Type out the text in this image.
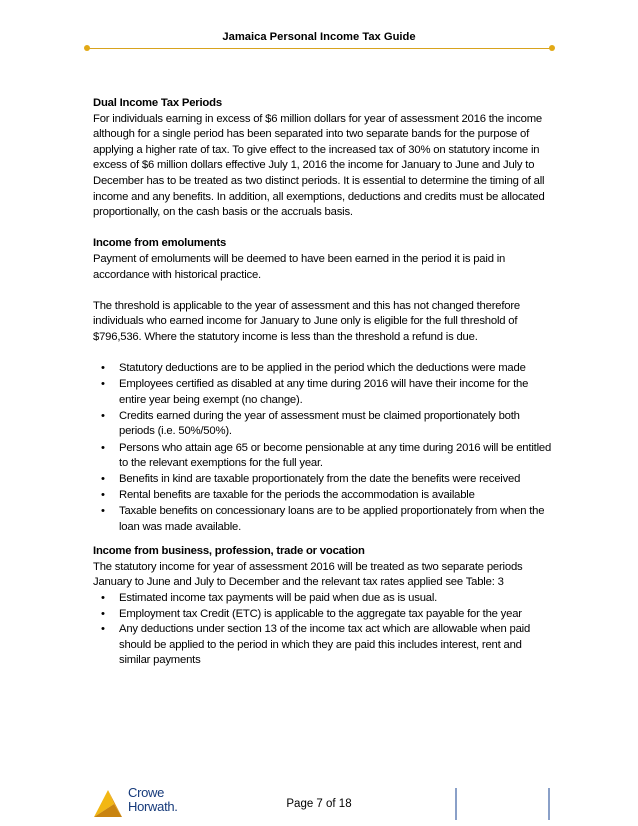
Jamaica Personal Income Tax Guide

Dual Income Tax Periods

For individuals earning in excess of $6 million dollars for year of assessment 2016 the income although for a single period has been separated into two separate bands for the purpose of applying a higher rate of tax. To give effect to the increased tax of 30% on statutory income in excess of $6 million dollars effective July 1, 2016 the income for January to June and July to December has to be treated as two distinct periods. It is essential to determine the timing of all income and any benefits. In addition, all exemptions, deductions and credits must be allocated proportionally, on the cash basis or the accruals basis.

Income from emoluments

Payment of emoluments will be deemed to have been earned in the period it is paid in accordance with historical practice.

The threshold is applicable to the year of assessment and this has not changed therefore individuals who earned income for January to June only is eligible for the full threshold of $796,536. Where the statutory income is less than the threshold a refund is due.

• Statutory deductions are to be applied in the period which the deductions were made
• Employees certified as disabled at any time during 2016 will have their income for the entire year being exempt (no change).
• Credits earned during the year of assessment must be claimed proportionately both periods (i.e. 50%/50%).
• Persons who attain age 65 or become pensionable at any time during 2016 will be entitled to the relevant exemptions for the full year.
• Benefits in kind are taxable proportionately from the date the benefits were received
• Rental benefits are taxable for the periods the accommodation is available
• Taxable benefits on concessionary loans are to be applied proportionately from when the loan was made available.

Income from business, profession, trade or vocation

The statutory income for year of assessment 2016 will be treated as two separate periods January to June and July to December and the relevant tax rates applied see Table: 3

• Estimated income tax payments will be paid when due as is usual.
• Employment tax Credit (ETC) is applicable to the aggregate tax payable for the year
• Any deductions under section 13 of the income tax act which are allowable when paid should be applied to the period in which they are paid this includes interest, rent and similar payments
Crowe
Horwath.	Page 7 of 18
